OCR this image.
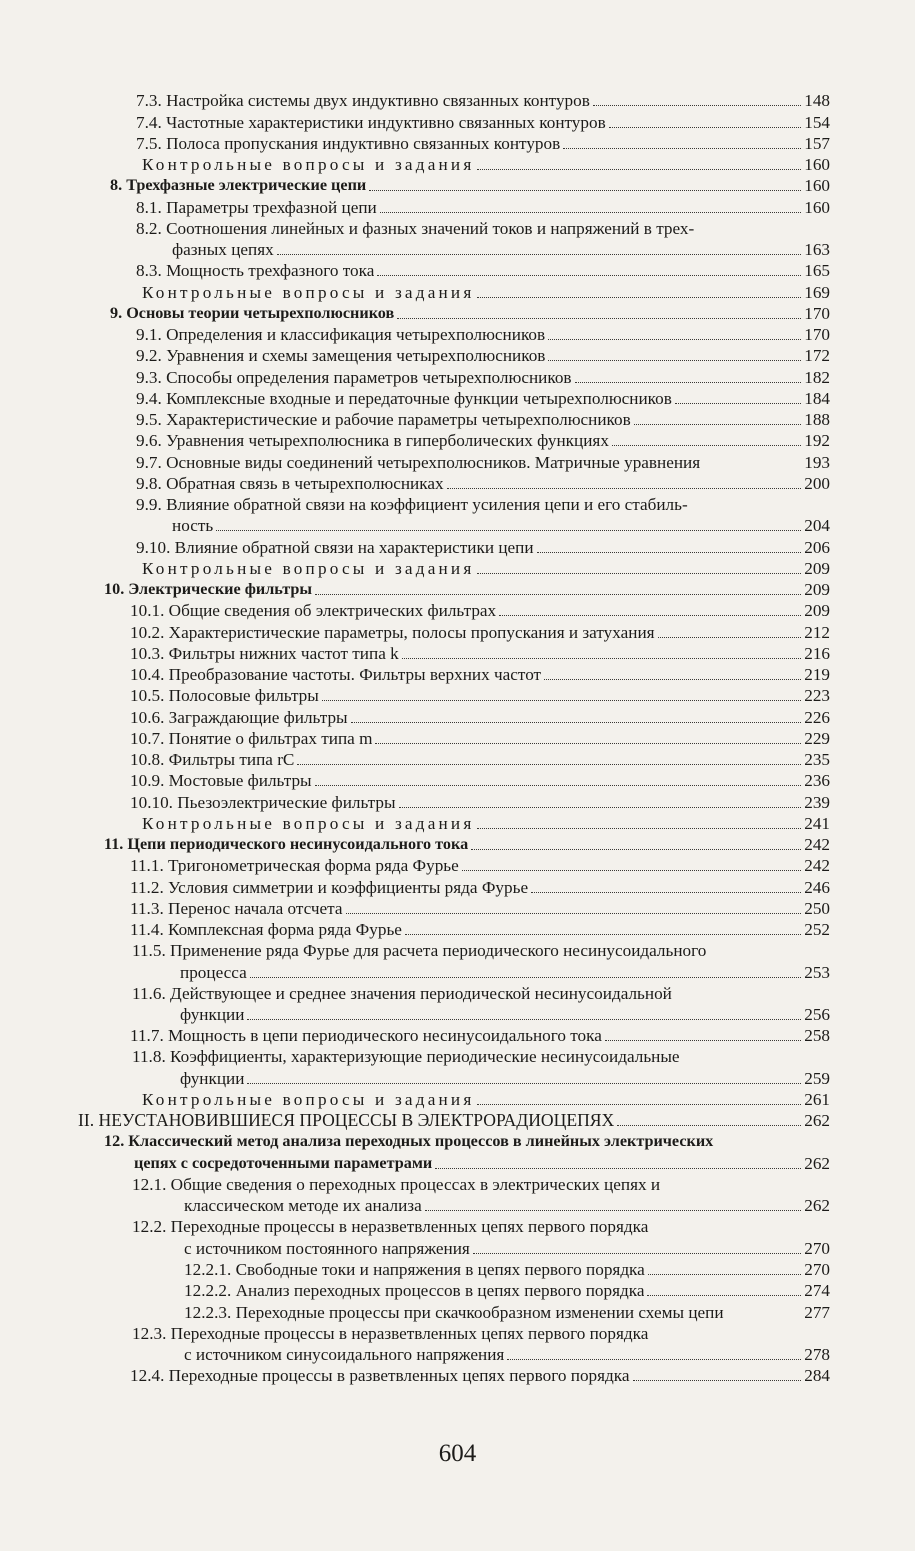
7.3. Настройка системы двух индуктивно связанных контуров	148
7.4. Частотные характеристики индуктивно связанных контуров	154
7.5. Полоса пропускания индуктивно связанных контуров	157
Контрольные вопросы и задания	160
8. Трехфазные электрические цепи	160
8.1. Параметры трехфазной цепи	160
8.2. Соотношения линейных и фазных значений токов и напряжений в трех-
фазных цепях	163
8.3. Мощность трехфазного тока	165
Контрольные вопросы и задания	169
9. Основы теории четырехполюсников	170
9.1. Определения и классификация четырехполюсников	170
9.2. Уравнения и схемы замещения четырехполюсников	172
9.3. Способы определения параметров четырехполюсников	182
9.4. Комплексные входные и передаточные функции четырехполюсников	184
9.5. Характеристические и рабочие параметры четырехполюсников	188
9.6. Уравнения четырехполюсника в гиперболических функциях	192
9.7. Основные виды соединений четырехполюсников. Матричные уравнения	193
9.8. Обратная связь в четырехполюсниках	200
9.9. Влияние обратной связи на коэффициент усиления цепи и его стабиль-
ность	204
9.10. Влияние обратной связи на характеристики цепи	206
Контрольные вопросы и задания	209
10. Электрические фильтры	209
10.1. Общие сведения об электрических фильтрах	209
10.2. Характеристические параметры, полосы пропускания и затухания	212
10.3. Фильтры нижних частот типа k	216
10.4. Преобразование частоты. Фильтры верхних частот	219
10.5. Полосовые фильтры	223
10.6. Заграждающие фильтры	226
10.7. Понятие о фильтрах типа m	229
10.8. Фильтры типа rC	235
10.9. Мостовые фильтры	236
10.10. Пьезоэлектрические фильтры	239
Контрольные вопросы и задания	241
11. Цепи периодического несинусоидального тока	242
11.1. Тригонометрическая форма ряда Фурье	242
11.2. Условия симметрии и коэффициенты ряда Фурье	246
11.3. Перенос начала отсчета	250
11.4. Комплексная форма ряда Фурье	252
11.5. Применение ряда Фурье для расчета периодического несинусоидального
процесса	253
11.6. Действующее и среднее значения периодической несинусоидальной
функции	256
11.7. Мощность в цепи периодического несинусоидального тока	258
11.8. Коэффициенты, характеризующие периодические несинусоидальные
функции	259
Контрольные вопросы и задания	261
II. НЕУСТАНОВИВШИЕСЯ ПРОЦЕССЫ В ЭЛЕКТРОРАДИОЦЕПЯХ	262
12. Классический метод анализа переходных процессов в линейных электрических
цепях с сосредоточенными параметрами	262
12.1. Общие сведения о переходных процессах в электрических цепях и
классическом методе их анализа	262
12.2. Переходные процессы в неразветвленных цепях первого порядка
с источником постоянного напряжения	270
12.2.1. Свободные токи и напряжения в цепях первого порядка	270
12.2.2. Анализ переходных процессов в цепях первого порядка	274
12.2.3. Переходные процессы при скачкообразном изменении схемы цепи	277
12.3. Переходные процессы в неразветвленных цепях первого порядка
с источником синусоидального напряжения	278
12.4. Переходные процессы в разветвленных цепях первого порядка	284
604
